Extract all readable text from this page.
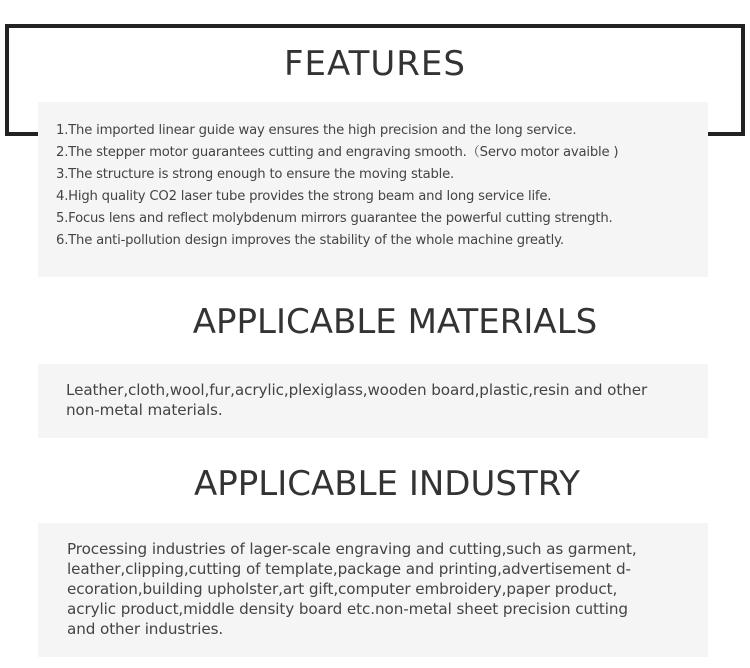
FEATURES
1.The imported linear guide way ensures the high precision and the long service.
2.The stepper motor guarantees cutting and engraving smooth.（Servo motor avaible )
3.The structure is strong enough to ensure the moving stable.
4.High quality CO2 laser tube provides the strong beam and long service life.
5.Focus lens and reflect molybdenum mirrors guarantee the powerful cutting strength.
6.The anti-pollution design improves the stability of the whole machine greatly.
APPLICABLE MATERIALS
Leather,cloth,wool,fur,acrylic,plexiglass,wooden board,plastic,resin and other
non-metal materials.
APPLICABLE INDUSTRY
Processing industries of lager-scale engraving and cutting,such as garment,
leather,clipping,cutting of template,package and printing,advertisement d-
ecoration,building upholster,art gift,computer embroidery,paper product,
acrylic product,middle density board etc.non-metal sheet precision cutting
and other industries.
